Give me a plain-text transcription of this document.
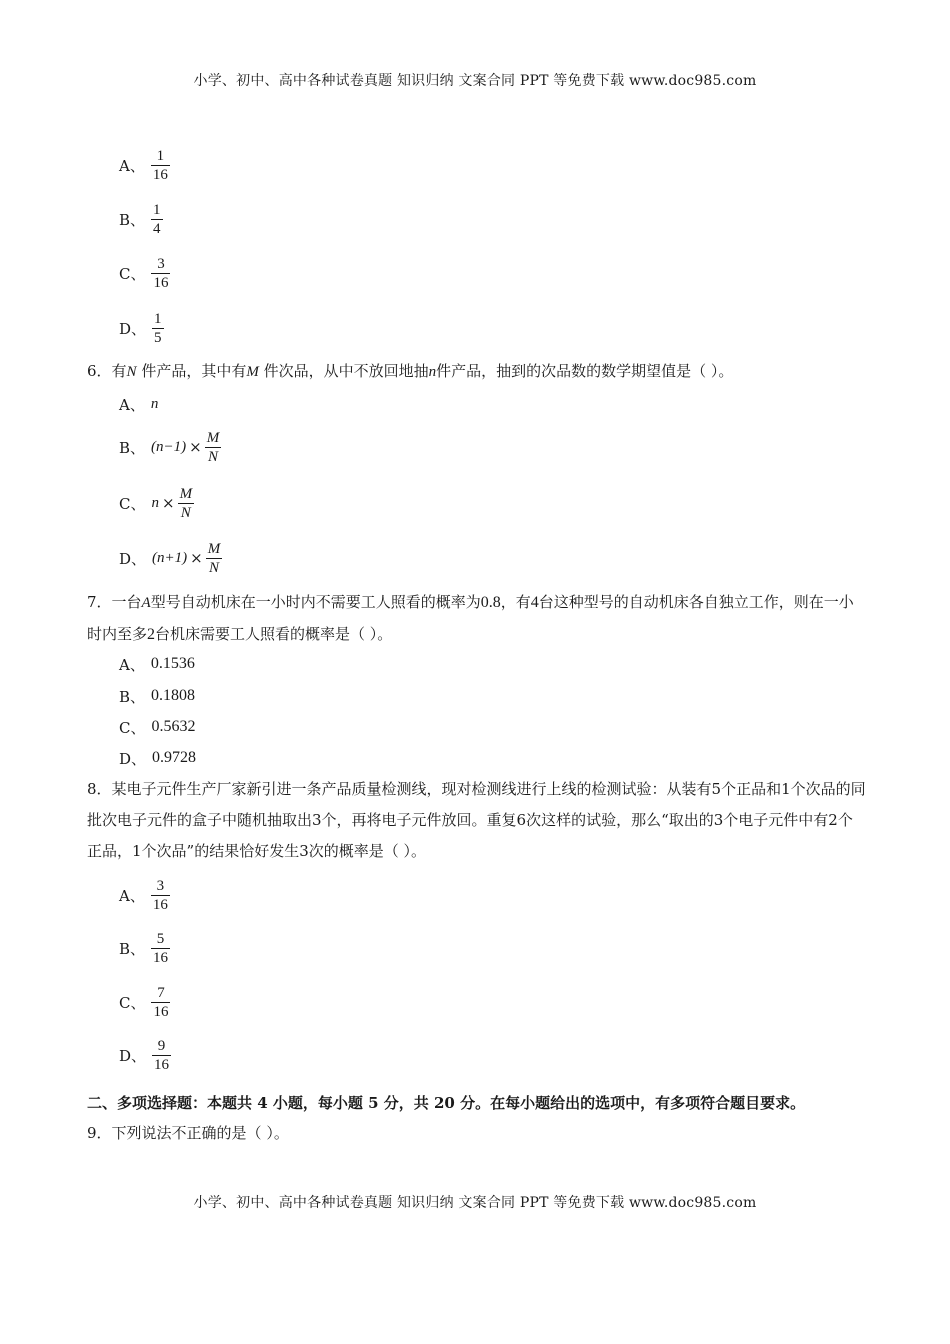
小学、初中、高中各种试卷真题 知识归纳 文案合同 PPT 等免费下载 www.doc985.com
A、 $\frac{1}{16}$
B、 $\frac{1}{4}$
C、 $\frac{3}{16}$
D、 $\frac{1}{5}$
6．有N 件产品，其中有M 件次品，从中不放回地抽n件产品，抽到的次品数的数学期望值是（ ）。
A、 n
B、 $(n-1) \times \frac{M}{N}$
C、 $n \times \frac{M}{N}$
D、 $(n+1) \times \frac{M}{N}$
7．一台A型号自动机床在一小时内不需要工人照看的概率为0.8，有4台这种型号的自动机床各自独立工作，则在一小时内至多2台机床需要工人照看的概率是（ ）。
A、 0.1536
B、 0.1808
C、 0.5632
D、 0.9728
8．某电子元件生产厂家新引进一条产品质量检测线，现对检测线进行上线的检测试验：从装有5个正品和1个次品的同批次电子元件的盒子中随机抽取出3个，再将电子元件放回。重复6次这样的试验，那么“取出的3个电子元件中有2个正品，1个次品”的结果恰好发生3次的概率是（ ）。
A、 $\frac{3}{16}$
B、 $\frac{5}{16}$
C、 $\frac{7}{16}$
D、 $\frac{9}{16}$
二、多项选择题：本题共 4 小题，每小题 5 分，共 20 分。在每小题给出的选项中，有多项符合题目要求。
9．下列说法不正确的是（ ）。
小学、初中、高中各种试卷真题 知识归纳 文案合同 PPT 等免费下载 www.doc985.com
